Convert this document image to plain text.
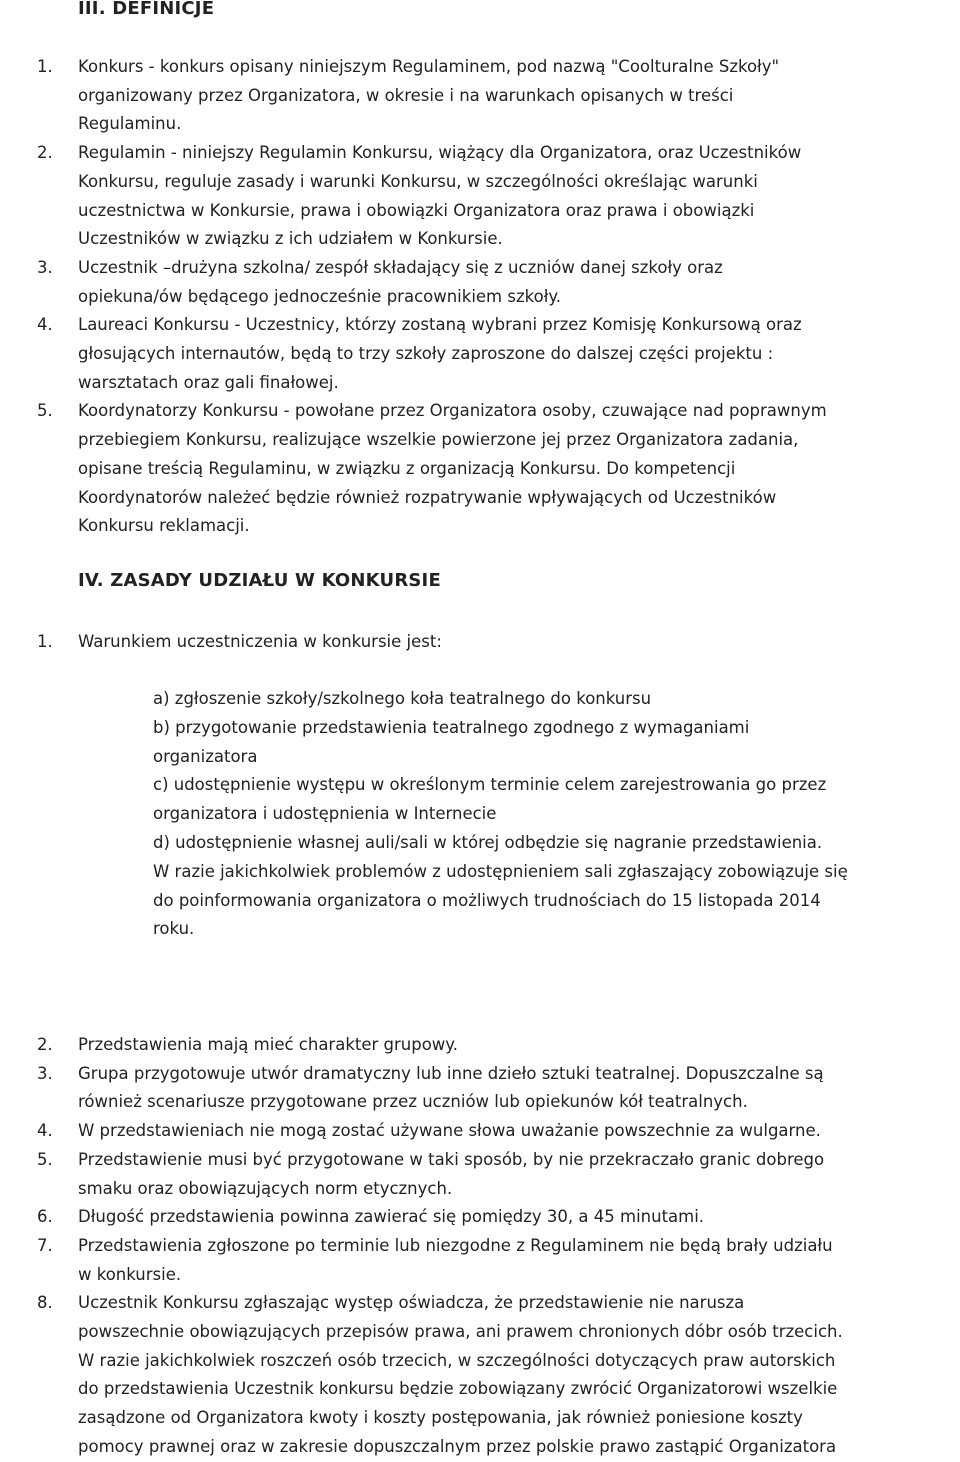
III. DEFINICJE
1. Konkurs - konkurs opisany niniejszym Regulaminem, pod nazwą "Coolturalne Szkoły"
organizowany przez Organizatora, w okresie i na warunkach opisanych w treści
Regulaminu.
2. Regulamin - niniejszy Regulamin Konkursu, wiążący dla Organizatora, oraz Uczestników
Konkursu, reguluje zasady i warunki Konkursu, w szczególności określając warunki
uczestnictwa w Konkursie, prawa i obowiązki Organizatora oraz prawa i obowiązki
Uczestników w związku z ich udziałem w Konkursie.
3. Uczestnik –drużyna szkolna/ zespół składający się z uczniów danej szkoły oraz
opiekuna/ów będącego jednocześnie pracownikiem szkoły.
4. Laureaci Konkursu - Uczestnicy, którzy zostaną wybrani przez Komisję Konkursową oraz
głosujących internautów, będą to trzy szkoły zaproszone do dalszej części projektu :
warsztatach oraz gali finałowej.
5. Koordynatorzy Konkursu - powołane przez Organizatora osoby, czuwające nad poprawnym
przebiegiem Konkursu, realizujące wszelkie powierzone jej przez Organizatora zadania,
opisane treścią Regulaminu, w związku z organizacją Konkursu. Do kompetencji
Koordynatorów należeć będzie również rozpatrywanie wpływających od Uczestników
Konkursu reklamacji.
IV. ZASADY UDZIAŁU W KONKURSIE
1. Warunkiem uczestniczenia w konkursie jest:
a) zgłoszenie szkoły/szkolnego koła teatralnego do konkursu
b) przygotowanie przedstawienia teatralnego zgodnego z wymaganiami
organizatora
c) udostępnienie występu w określonym terminie celem zarejestrowania go przez
organizatora i udostępnienia w Internecie
d) udostępnienie własnej auli/sali w której odbędzie się nagranie przedstawienia.
W razie jakichkolwiek problemów z udostępnieniem sali zgłaszający zobowiązuje się
do poinformowania organizatora o możliwych trudnościach do 15 listopada 2014
roku.
2. Przedstawienia mają mieć charakter grupowy.
3. Grupa przygotowuje utwór dramatyczny lub inne dzieło sztuki teatralnej. Dopuszczalne są
również scenariusze przygotowane przez uczniów lub opiekunów kół teatralnych.
4. W przedstawieniach nie mogą zostać używane słowa uważanie powszechnie za wulgarne.
5. Przedstawienie musi być przygotowane w taki sposób, by nie przekraczało granic dobrego
smaku oraz obowiązujących norm etycznych.
6. Długość przedstawienia powinna zawierać się pomiędzy 30, a 45 minutami.
7. Przedstawienia zgłoszone po terminie lub niezgodne z Regulaminem nie będą brały udziału
w konkursie.
8. Uczestnik Konkursu zgłaszając występ oświadcza, że przedstawienie nie narusza
powszechnie obowiązujących przepisów prawa, ani prawem chronionych dóbr osób trzecich.
W razie jakichkolwiek roszczeń osób trzecich, w szczególności dotyczących praw autorskich
do przedstawienia Uczestnik konkursu będzie zobowiązany zwrócić Organizatorowi wszelkie
zasądzone od Organizatora kwoty i koszty postępowania, jak również poniesione koszty
pomocy prawnej oraz w zakresie dopuszczalnym przez polskie prawo zastąpić Organizatora
